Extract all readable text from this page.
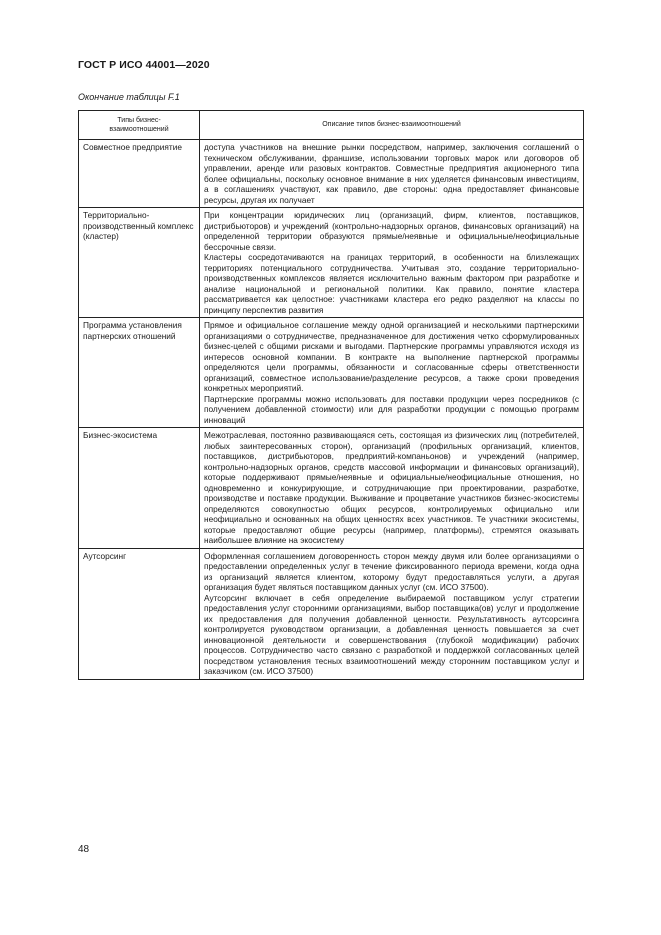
ГОСТ Р ИСО 44001—2020
Окончание таблицы F.1
Типы бизнес-
взаимоотношений	Описание типов бизнес-взаимоотношений
Совместное предприятие	доступа участников на внешние рынки посредством, например, заключения соглашений о техническом обслуживании, франшизе, использовании торговых марок или договоров об управлении, аренде или разовых контрактов. Совместные предприятия акционерного типа более официальны, поскольку основное внимание в них уделяется финансовым инвестициям, а в соглашениях участвуют, как правило, две стороны: одна предоставляет финансовые ресурсы, другая их получает

Территориально-производственный комплекс (кластер)	При концентрации юридических лиц (организаций, фирм, клиентов, поставщиков, дистрибьюторов) и учреждений (контрольно-надзорных органов, финансовых организаций) на определенной территории образуются прямые/неявные и официальные/неофициальные бессрочные связи.

Кластеры сосредотачиваются на границах территорий, в особенности на близлежащих территориях потенциального сотрудничества. Учитывая это, создание территориально-производственных комплексов является исключительно важным фактором при разработке и анализе национальной и региональной политики. Как правило, понятие кластера рассматривается как целостное: участниками кластера его редко разделяют на классы по принципу перспектив развития

Программа установления партнерских отношений	Прямое и официальное соглашение между одной организацией и несколькими партнерскими организациями о сотрудничестве, предназначенное для достижения четко сформулированных бизнес-целей с общими рисками и выгодами. Партнерские программы управляются исходя из интересов основной компании. В контракте на выполнение партнерской программы определяются цели программы, обязанности и согласованные сферы ответственности организаций, совместное использование/разделение ресурсов, а также сроки проведения конкретных мероприятий.

Партнерские программы можно использовать для поставки продукции через посредников (с получением добавленной стоимости) или для разработки продукции с помощью программ инноваций

Бизнес-экосистема	Межотраслевая, постоянно развивающаяся сеть, состоящая из физических лиц (потребителей, любых заинтересованных сторон), организаций (профильных организаций, клиентов, поставщиков, дистрибьюторов, предприятий-компаньонов) и учреждений (например, контрольно-надзорных органов, средств массовой информации и финансовых организаций), которые поддерживают прямые/неявные и официальные/неофициальные отношения, но одновременно и конкурирующие, и сотрудничающие при проектировании, разработке, производстве и поставке продукции. Выживание и процветание участников бизнес-экосистемы определяются совокупностью общих ресурсов, контролируемых официально или неофициально и основанных на общих ценностях всех участников. Те участники экосистемы, которые предоставляют общие ресурсы (например, платформы), стремятся оказывать наибольшее влияние на экосистему

Аутсорсинг	Оформленная соглашением договоренность сторон между двумя или более организациями о предоставлении определенных услуг в течение фиксированного периода времени, когда одна из организаций является клиентом, которому будут предоставляться услуги, а другая организация будет являться поставщиком данных услуг (см. ИСО 37500).

Аутсорсинг включает в себя определение выбираемой поставщиком услуг стратегии предоставления услуг сторонними организациями, выбор поставщика(ов) услуг и продолжение их предоставления для получения добавленной ценности. Результативность аутсорсинга контролируется руководством организации, а добавленная ценность повышается за счет инновационной деятельности и совершенствования (глубокой модификации) рабочих процессов. Сотрудничество часто связано с разработкой и поддержкой согласованных целей посредством установления тесных взаимоотношений между сторонним поставщиком услуг и заказчиком (см. ИСО 37500)

48
